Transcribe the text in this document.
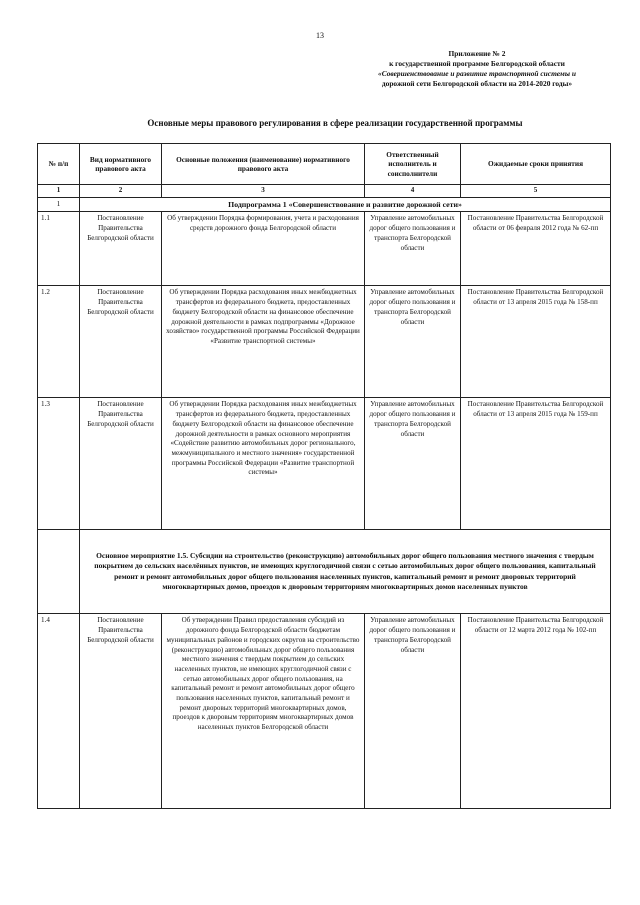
13
Приложение № 2
к государственной программе Белгородской области
«Совершенствование и развитие транспортной системы и
дорожной сети Белгородской области на 2014-2020 годы»
Основные меры правового регулирования в сфере реализации государственной программы
№ п/п	Вид нормативного правового акта	Основные положения (наименование) нормативного правового акта	Ответственный исполнитель и соисполнители	Ожидаемые сроки принятия
1	2	3	4	5
1	Подпрограмма 1 «Совершенствование и развитие дорожной сети»			
1.1	Постановление Правительства Белгородской области	Об утверждении Порядка формирования, учета и расходования средств дорожного фонда Белгородской области	Управление автомобильных дорог общего пользования и транспорта Белгородской области	Постановление Правительства Белгородской области от 06 февраля 2012 года № 62-пп
1.2	Постановление Правительства Белгородской области	Об утверждении Порядка расходования иных межбюджетных трансфертов из федерального бюджета, предоставленных бюджету Белгородской области на финансовое обеспечение дорожной деятельности в рамках подпрограммы «Дорожное хозяйство» государственной программы Российской Федерации «Развитие транспортной системы»	Управление автомобильных дорог общего пользования и транспорта Белгородской области	Постановление Правительства Белгородской области от 13 апреля 2015 года № 158-пп
1.3	Постановление Правительства Белгородской области	Об утверждении Порядка расходования иных межбюджетных трансфертов из федерального бюджета, предоставленных бюджету Белгородской области на финансовое обеспечение дорожной деятельности в рамках основного мероприятия «Содействие развитию автомобильных дорог регионального, межмуниципального и местного значения» государственной программы Российской Федерации «Развитие транспортной системы»	Управление автомобильных дорог общего пользования и транспорта Белгородской области	Постановление Правительства Белгородской области от 13 апреля 2015 года № 159-пп
	Основное мероприятие 1.5. Субсидии на строительство (реконструкцию) автомобильных дорог общего пользования местного значения с твердым покрытием до сельских населённых пунктов, не имеющих круглогодичной связи с сетью автомобильных дорог общего пользования, капитальный ремонт и ремонт автомобильных дорог общего пользования населенных пунктов, капитальный ремонт и ремонт дворовых территорий многоквартирных домов, проездов к дворовым территориям многоквартирных домов населенных пунктов			
1.4	Постановление Правительства Белгородской области	Об утверждении Правил предоставления субсидий из дорожного фонда Белгородской области бюджетам муниципальных районов и городских округов на строительство (реконструкцию) автомобильных дорог общего пользования местного значения с твердым покрытием до сельских населенных пунктов, не имеющих круглогодичной связи с сетью автомобильных дорог общего пользования, на капитальный ремонт и ремонт автомобильных дорог общего пользования населенных пунктов, капитальный ремонт и ремонт дворовых территорий многоквартирных домов, проездов к дворовым территориям многоквартирных домов населенных пунктов Белгородской области	Управление автомобильных дорог общего пользования и транспорта Белгородской области	Постановление Правительства Белгородской области от 12 марта 2012 года № 102-пп
